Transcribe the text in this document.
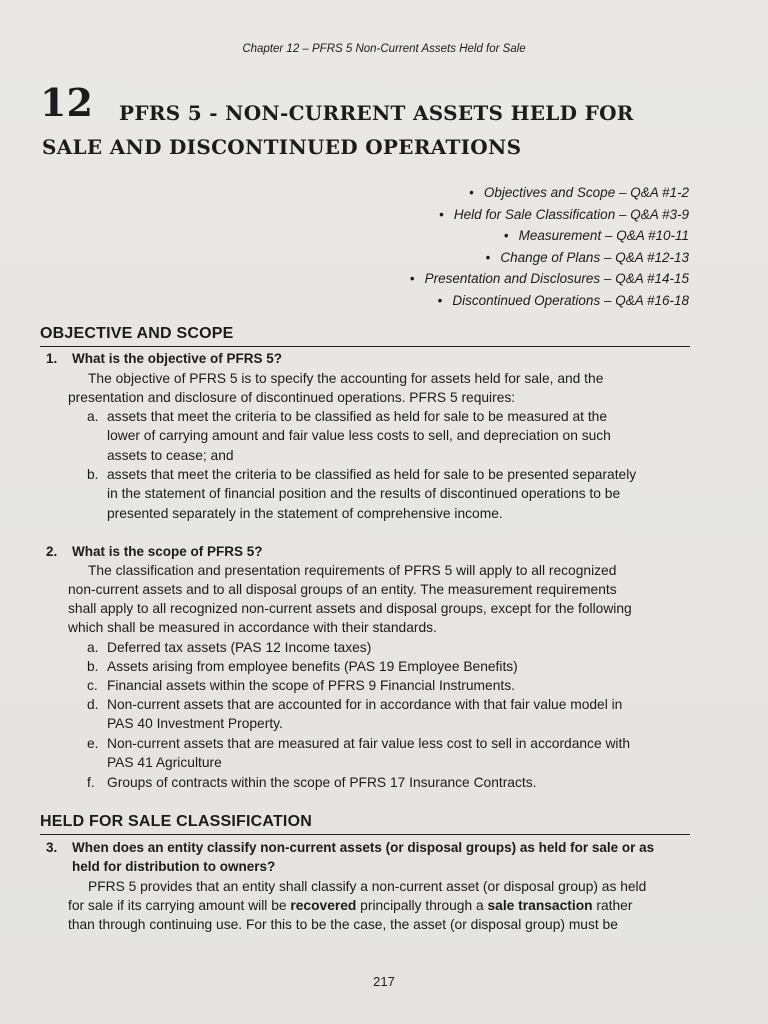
Chapter 12 – PFRS 5 Non-Current Assets Held for Sale
12 PFRS 5 - NON-CURRENT ASSETS HELD FOR
SALE AND DISCONTINUED OPERATIONS
• Objectives and Scope – Q&A #1-2
• Held for Sale Classification – Q&A #3-9
• Measurement – Q&A #10-11
• Change of Plans – Q&A #12-13
• Presentation and Disclosures – Q&A #14-15
• Discontinued Operations – Q&A #16-18
OBJECTIVE AND SCOPE
1. What is the objective of PFRS 5?
The objective of PFRS 5 is to specify the accounting for assets held for sale, and the
presentation and disclosure of discontinued operations. PFRS 5 requires:
a. assets that meet the criteria to be classified as held for sale to be measured at the
lower of carrying amount and fair value less costs to sell, and depreciation on such
assets to cease; and
b. assets that meet the criteria to be classified as held for sale to be presented separately
in the statement of financial position and the results of discontinued operations to be
presented separately in the statement of comprehensive income.
2. What is the scope of PFRS 5?
The classification and presentation requirements of PFRS 5 will apply to all recognized
non-current assets and to all disposal groups of an entity. The measurement requirements
shall apply to all recognized non-current assets and disposal groups, except for the following
which shall be measured in accordance with their standards.
a. Deferred tax assets (PAS 12 Income taxes)
b. Assets arising from employee benefits (PAS 19 Employee Benefits)
c. Financial assets within the scope of PFRS 9 Financial Instruments.
d. Non-current assets that are accounted for in accordance with that fair value model in
PAS 40 Investment Property.
e. Non-current assets that are measured at fair value less cost to sell in accordance with
PAS 41 Agriculture
f. Groups of contracts within the scope of PFRS 17 Insurance Contracts.
HELD FOR SALE CLASSIFICATION
3. When does an entity classify non-current assets (or disposal groups) as held for sale or as
held for distribution to owners?
PFRS 5 provides that an entity shall classify a non-current asset (or disposal group) as held
for sale if its carrying amount will be recovered principally through a sale transaction rather
than through continuing use. For this to be the case, the asset (or disposal group) must be
217
